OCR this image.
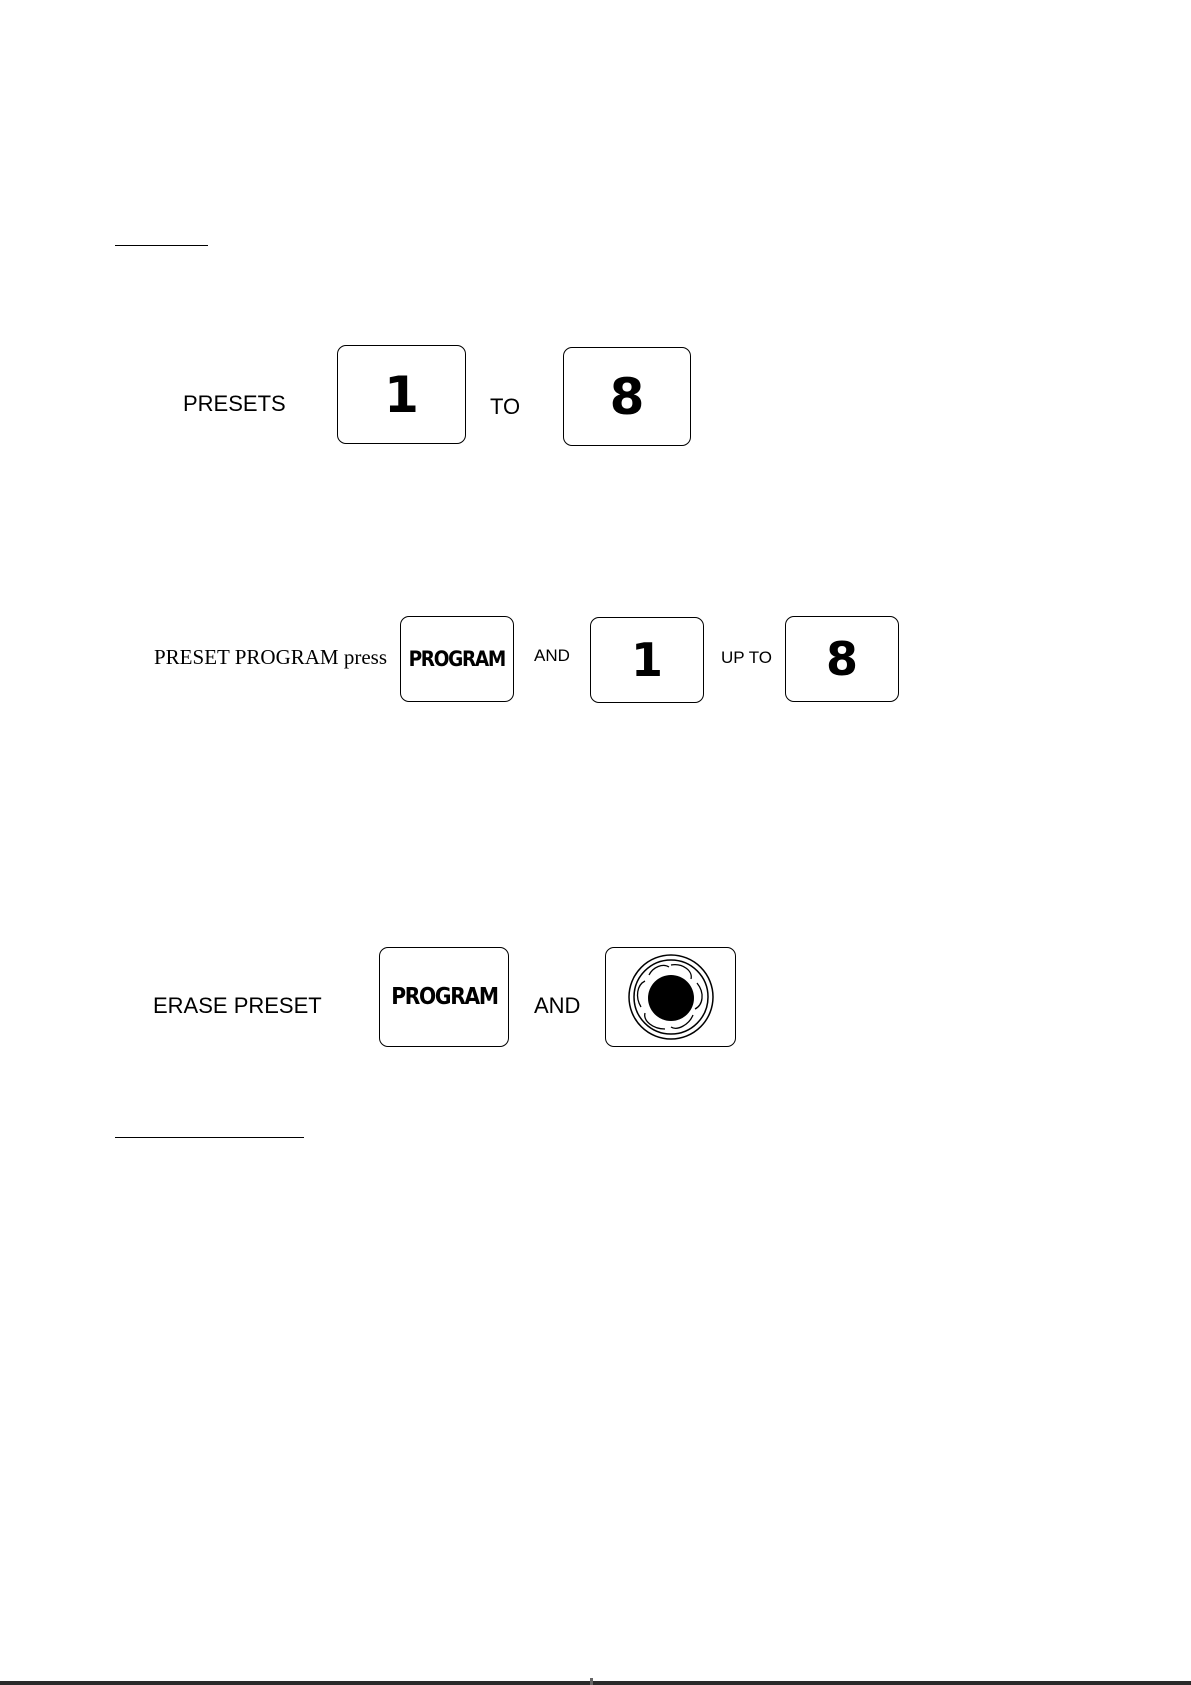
PRESETS 1	TO 8
PRESET PROGRAM press PROGRAM AND 1	UP TO 8
ERASE PRESET	PROGRAM AND
